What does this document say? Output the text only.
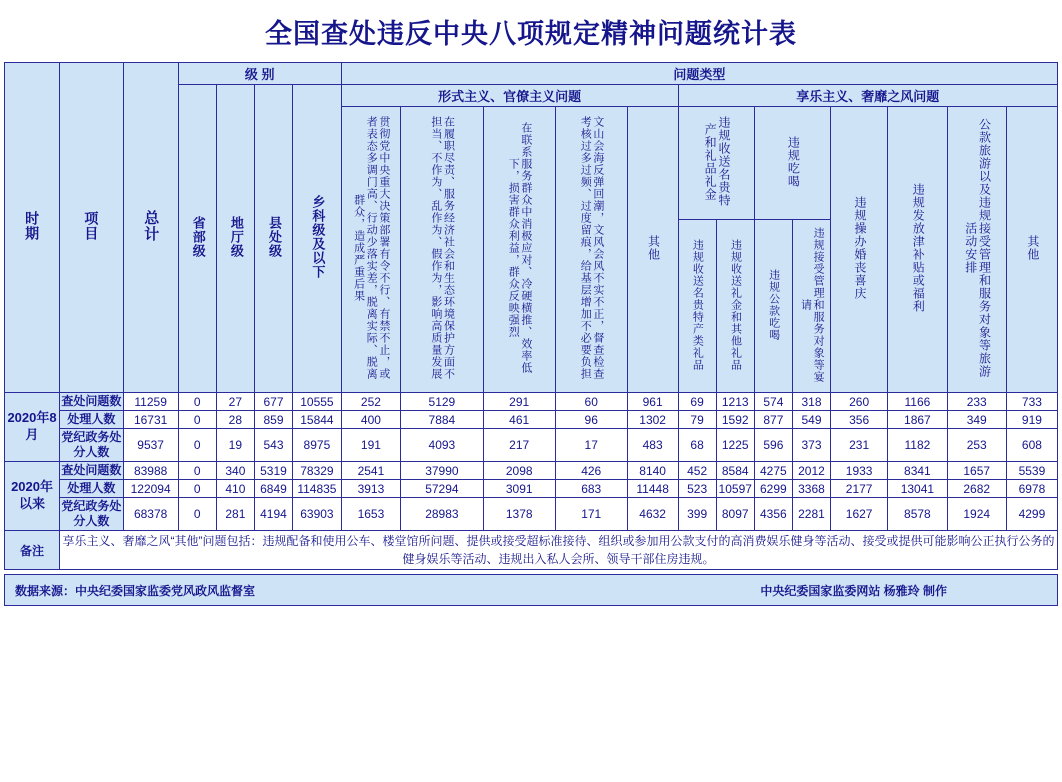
全国查处违反中央八项规定精神问题统计表
时期	项目	总计	级 别				问题类型												
			省部级	地厅级	县处级	乡科级及以下	形式主义、官僚主义问题					享乐主义、奢靡之风问题							
							贯彻党中央重大决策部署有令不行、有禁不止，或者表态多调门高、行动少落实差，脱离实际、脱离群众，造成严重后果	在履职尽责、服务经济社会和生态环境保护方面不担当、不作为、乱作为、假作为，影响高质量发展	在联系服务群众中消极应对、冷硬横推、效率低下，损害群众利益，群众反映强烈	文山会海反弹回潮，文风会风不实不正，督查检查考核过多过频、过度留痕，给基层增加不必要负担	其他	违规收送名贵特产和礼品礼金		违规吃喝		违规操办婚丧喜庆	违规发放津补贴或福利	公款旅游以及违规接受管理和服务对象等旅游活动安排	其他
												违规收送名贵特产类礼品	违规收送礼金和其他礼品	违规公款吃喝	违规接受管理和服务对象等宴请				
2020年8月	查处问题数	11259	0	27	677	10555	252	5129	291	60	961	69	1213	574	318	260	1166	233	733
	处理人数	16731	0	28	859	15844	400	7884	461	96	1302	79	1592	877	549	356	1867	349	919
	党纪政务处分人数	9537	0	19	543	8975	191	4093	217	17	483	68	1225	596	373	231	1182	253	608
2020年以来	查处问题数	83988	0	340	5319	78329	2541	37990	2098	426	8140	452	8584	4275	2012	1933	8341	1657	5539
	处理人数	122094	0	410	6849	114835	3913	57294	3091	683	11448	523	10597	6299	3368	2177	13041	2682	6978
	党纪政务处分人数	68378	0	281	4194	63903	1653	28983	1378	171	4632	399	8097	4356	2281	1627	8578	1924	4299
备注	享乐主义、奢靡之风“其他”问题包括：违规配备和使用公车、楼堂馆所问题、提供或接受超标准接待、组织或参加用公款支付的高消费娱乐健身等活动、接受或提供可能影响公正执行公务的健身娱乐等活动、违规出入私人会所、领导干部住房违规。																		
数据来源：中央纪委国家监委党风政风监督室	中央纪委国家监委网站 杨雅玲 制作
